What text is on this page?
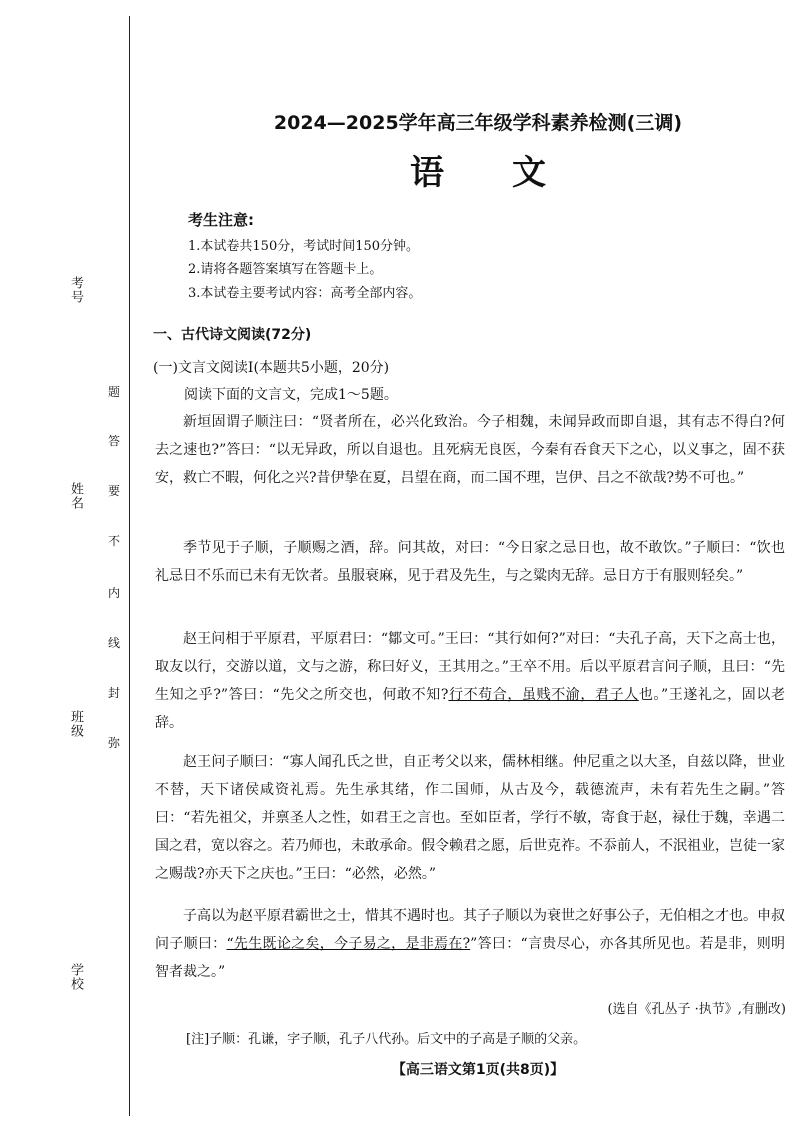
考号
姓名
班级
学校
题
答
要
不
内
线
封
弥
2024—2025学年高三年级学科素养检测(三调)
语文
考生注意:
1.本试卷共150分，考试时间150分钟。
2.请将各题答案填写在答题卡上。
3.本试卷主要考试内容：高考全部内容。
一、古代诗文阅读(72分)
(一)文言文阅读Ⅰ(本题共5小题，20分)
阅读下面的文言文，完成1～5题。
新垣固谓子顺注曰：“贤者所在，必兴化致治。今子相魏，未闻异政而即自退，其有志不得白?何去之速也?”答曰：“以无异政，所以自退也。且死病无良医，今秦有吞食天下之心，以义事之，固不获安，救亡不暇，何化之兴?昔伊挚在夏，吕望在商，而二国不理，岂伊、吕之不欲哉?势不可也。”
季节见于子顺，子顺赐之酒，辞。问其故，对曰：“今日家之忌日也，故不敢饮。”子顺曰：“饮也礼忌日不乐而已未有无饮者。虽服衰麻，见于君及先生，与之粱肉无辞。忌日方于有服则轻矣。”
赵王问相于平原君，平原君曰：“鄒文可。”王曰：“其行如何?”对曰：“夫孔子高，天下之高士也，取友以行，交游以道，文与之游，称曰好义，王其用之。”王卒不用。后以平原君言问子顺，且曰：“先生知之乎?”答曰：“先父之所交也，何敢不知?行不苟合，虽贱不渝，君子人也。”王遂礼之，固以老辞。
赵王问子顺曰：“寡人闻孔氏之世，自正考父以来，儒林相继。仲尼重之以大圣，自兹以降，世业不替，天下诸侯咸资礼焉。先生承其绪，作二国师，从古及今，载德流声，未有若先生之嗣。”答曰：“若先祖父，并禀圣人之性，如君王之言也。至如臣者，学行不敏，寄食于赵，禄仕于魏，幸遇二国之君，宽以容之。若乃师也，未敢承命。假令赖君之愿，后世克祚。不忝前人，不泯祖业，岂徒一家之赐哉?亦天下之庆也。”王曰：“必然，必然。”
子高以为赵平原君霸世之士，惜其不遇时也。其子子顺以为衰世之好事公子，无伯相之才也。申叔问子顺曰：“先生既论之矣，今子易之，是非焉在?”答曰：“言贵尽心，亦各其所见也。若是非，则明智者裁之。”
(选自《孔丛子 ·执节》,有删改)
[注]子顺：孔谦，字子顺，孔子八代孙。后文中的子高是子顺的父亲。
【高三语文第1页(共8页)】
